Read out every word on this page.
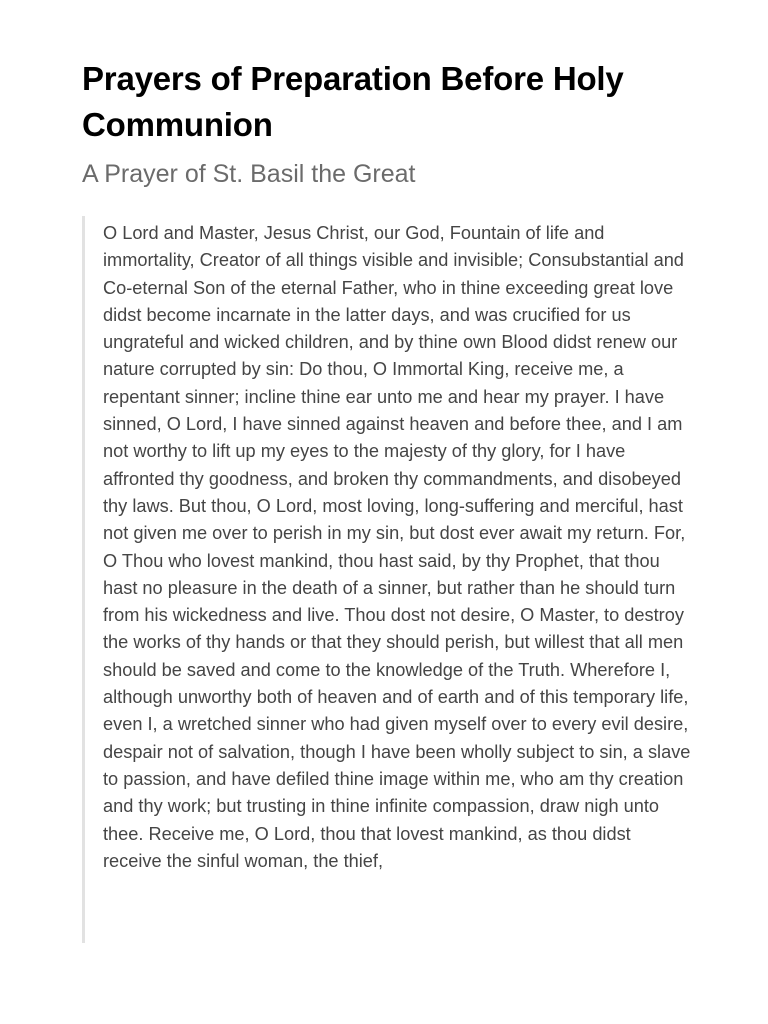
Prayers of Preparation Before Holy Communion
A Prayer of St. Basil the Great

O Lord and Master, Jesus Christ, our God, Fountain of life and immortality, Creator of all things visible and invisible; Consubstantial and Co-eternal Son of the eternal Father, who in thine exceeding great love didst become incarnate in the latter days, and was crucified for us ungrateful and wicked children, and by thine own Blood didst renew our nature corrupted by sin: Do thou, O Immortal King, receive me, a repentant sinner; incline thine ear unto me and hear my prayer. I have sinned, O Lord, I have sinned against heaven and before thee, and I am not worthy to lift up my eyes to the majesty of thy glory, for I have affronted thy goodness, and broken thy commandments, and disobeyed thy laws. But thou, O Lord, most loving, long-suffering and merciful, hast not given me over to perish in my sin, but dost ever await my return. For, O Thou who lovest mankind, thou hast said, by thy Prophet, that thou hast no pleasure in the death of a sinner, but rather than he should turn from his wickedness and live. Thou dost not desire, O Master, to destroy the works of thy hands or that they should perish, but willest that all men should be saved and come to the knowledge of the Truth. Wherefore I, although unworthy both of heaven and of earth and of this temporary life, even I, a wretched sinner who had given myself over to every evil desire, despair not of salvation, though I have been wholly subject to sin, a slave to passion, and have defiled thine image within me, who am thy creation and thy work; but trusting in thine infinite compassion, draw nigh unto thee. Receive me, O Lord, thou that lovest mankind, as thou didst receive the sinful woman, the thief,
